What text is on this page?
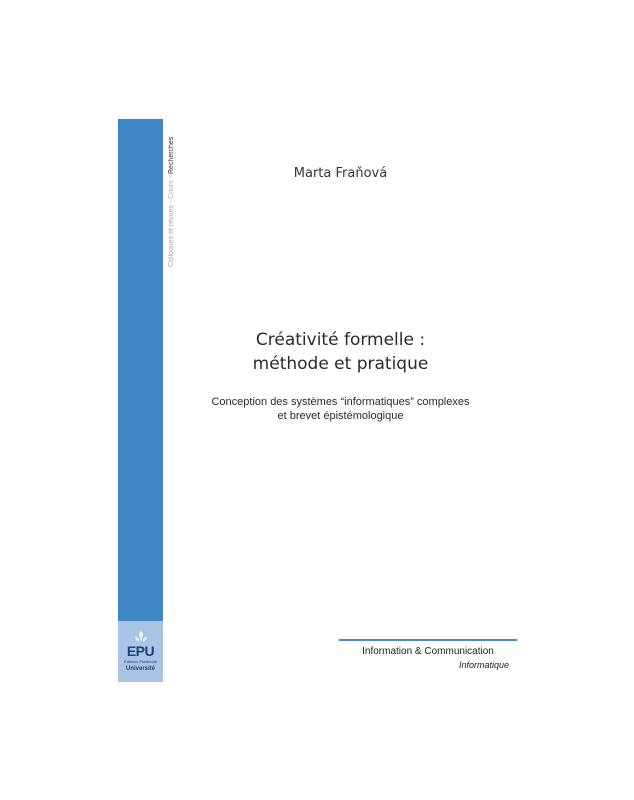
EPU
Éditions Publibook
Université
Colloques et revues - Cours - Recherches	Marta Fraňová
Créativité formelle :
méthode et pratique
Conception des systèmes “informatiques” complexes
et brevet épistémologique
Information & Communication
Informatique
